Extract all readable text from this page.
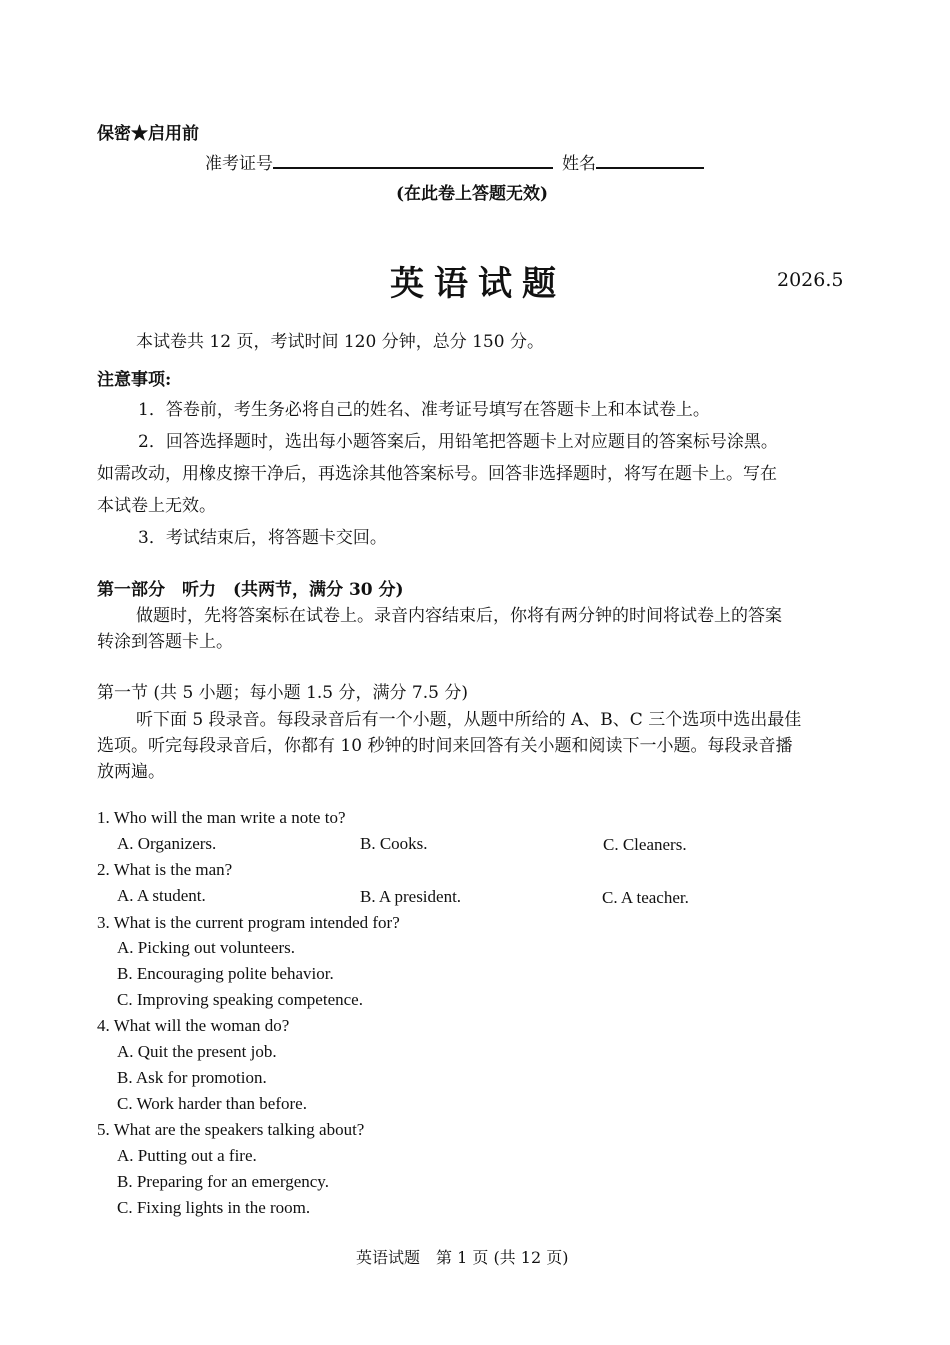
保密★启用前
准考证号	姓名
(在此卷上答题无效)
英语试题	2026.5
本试卷共 12 页，考试时间 120 分钟，总分 150 分。
注意事项:
1．答卷前，考生务必将自己的姓名、准考证号填写在答题卡上和本试卷上。
2．回答选择题时，选出每小题答案后，用铅笔把答题卡上对应题目的答案标号涂黑。
如需改动，用橡皮擦干净后，再选涂其他答案标号。回答非选择题时，将写在题卡上。写在
本试卷上无效。
3．考试结束后，将答题卡交回。
第一部分　听力　(共两节，满分 30 分)
做题时，先将答案标在试卷上。录音内容结束后，你将有两分钟的时间将试卷上的答案
转涂到答题卡上。
第一节 (共 5 小题；每小题 1.5 分，满分 7.5 分)
听下面 5 段录音。每段录音后有一个小题，从题中所给的 A、B、C 三个选项中选出最佳
选项。听完每段录音后，你都有 10 秒钟的时间来回答有关小题和阅读下一小题。每段录音播
放两遍。
1. Who will the man write a note to?
A. Organizers.	B. Cooks.	C. Cleaners.
2. What is the man?
A. A student.	B. A president.	C. A teacher.
3. What is the current program intended for?
A. Picking out volunteers.
B. Encouraging polite behavior.
C. Improving speaking competence.
4. What will the woman do?
A. Quit the present job.
B. Ask for promotion.
C. Work harder than before.
5. What are the speakers talking about?
A. Putting out a fire.
B. Preparing for an emergency.
C. Fixing lights in the room.
英语试题　第 1 页 (共 12 页)
